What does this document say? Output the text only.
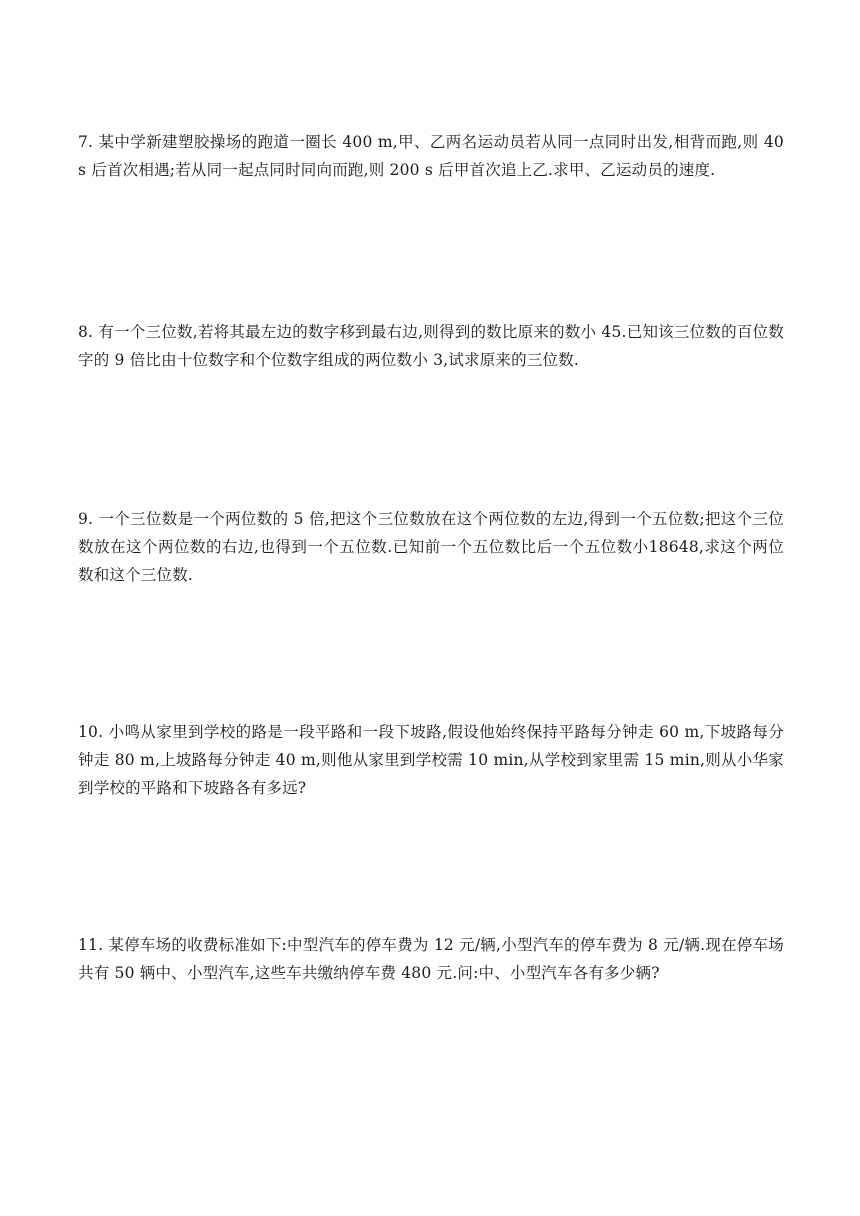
7. 某中学新建塑胶操场的跑道一圈长 400 m,甲、乙两名运动员若从同一点同时出发,相背而跑,则 40 s 后首次相遇;若从同一起点同时同向而跑,则 200 s 后甲首次追上乙.求甲、乙运动员的速度.

8. 有一个三位数,若将其最左边的数字移到最右边,则得到的数比原来的数小 45.已知该三位数的百位数字的 9 倍比由十位数字和个位数字组成的两位数小 3,试求原来的三位数.

9. 一个三位数是一个两位数的 5 倍,把这个三位数放在这个两位数的左边,得到一个五位数;把这个三位数放在这个两位数的右边,也得到一个五位数.已知前一个五位数比后一个五位数小18648,求这个两位数和这个三位数.

10. 小鸣从家里到学校的路是一段平路和一段下坡路,假设他始终保持平路每分钟走 60 m,下坡路每分钟走 80 m,上坡路每分钟走 40 m,则他从家里到学校需 10 min,从学校到家里需 15 min,则从小华家到学校的平路和下坡路各有多远?

11. 某停车场的收费标准如下:中型汽车的停车费为 12 元/辆,小型汽车的停车费为 8 元/辆.现在停车场共有 50 辆中、小型汽车,这些车共缴纳停车费 480 元.问:中、小型汽车各有多少辆?
